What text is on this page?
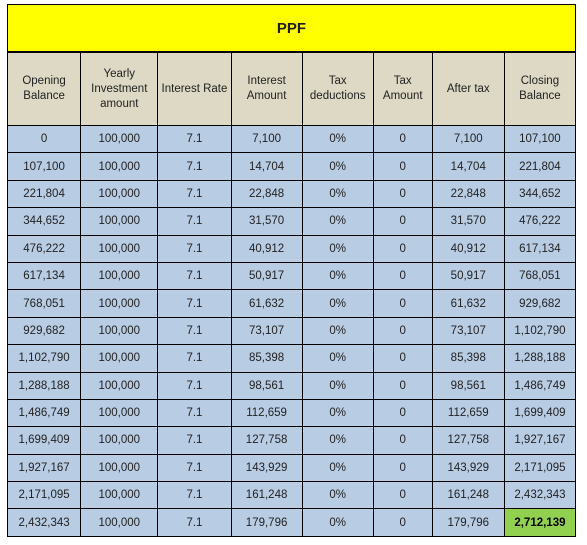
PPF
Opening Balance	Yearly Investment amount	Interest Rate	Interest Amount	Tax deductions	Tax Amount	After tax	Closing Balance
0	100,000	7.1	7,100	0%	0	7,100	107,100
107,100	100,000	7.1	14,704	0%	0	14,704	221,804
221,804	100,000	7.1	22,848	0%	0	22,848	344,652
344,652	100,000	7.1	31,570	0%	0	31,570	476,222
476,222	100,000	7.1	40,912	0%	0	40,912	617,134
617,134	100,000	7.1	50,917	0%	0	50,917	768,051
768,051	100,000	7.1	61,632	0%	0	61,632	929,682
929,682	100,000	7.1	73,107	0%	0	73,107	1,102,790
1,102,790	100,000	7.1	85,398	0%	0	85,398	1,288,188
1,288,188	100,000	7.1	98,561	0%	0	98,561	1,486,749
1,486,749	100,000	7.1	112,659	0%	0	112,659	1,699,409
1,699,409	100,000	7.1	127,758	0%	0	127,758	1,927,167
1,927,167	100,000	7.1	143,929	0%	0	143,929	2,171,095
2,171,095	100,000	7.1	161,248	0%	0	161,248	2,432,343
2,432,343	100,000	7.1	179,796	0%	0	179,796	2,712,139
